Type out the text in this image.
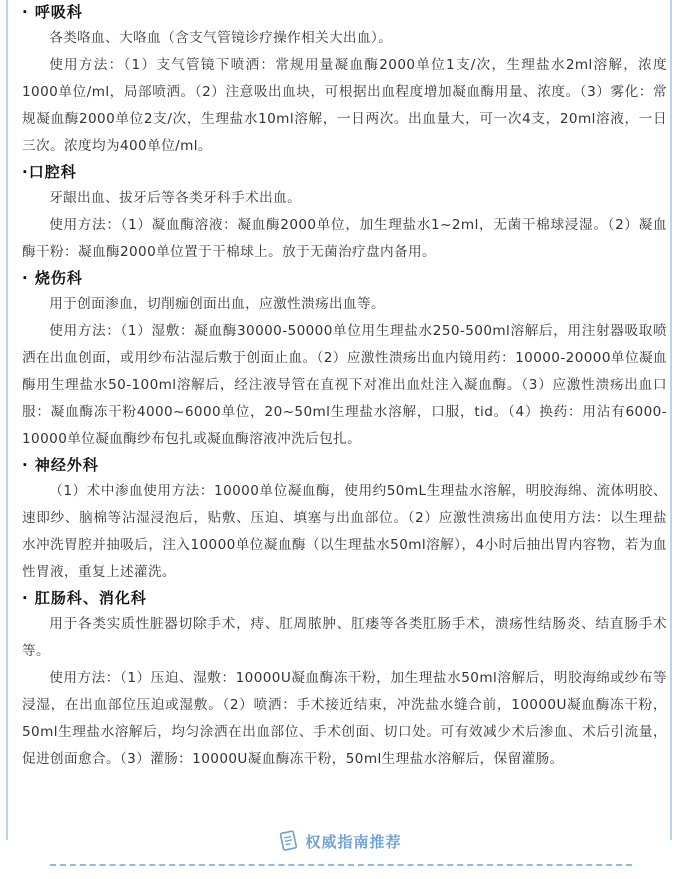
· 呼吸科

各类咯血、大咯血（含支气管镜诊疗操作相关大出血）。

使用方法：（1）支气管镜下喷洒：常规用量凝血酶2000单位1支/次，生理盐水2ml溶解，浓度1000单位/ml，局部喷洒。（2）注意吸出血块，可根据出血程度增加凝血酶用量、浓度。（3）雾化：常规凝血酶2000单位2支/次，生理盐水10ml溶解，一日两次。出血量大，可一次4支，20ml溶液，一日三次。浓度均为400单位/ml。

·口腔科

牙龈出血、拔牙后等各类牙科手术出血。

使用方法：（1）凝血酶溶液：凝血酶2000单位，加生理盐水1~2ml，无菌干棉球浸湿。（2）凝血酶干粉：凝血酶2000单位置于干棉球上。放于无菌治疗盘内备用。

· 烧伤科

用于创面渗血，切削痂创面出血，应激性溃疡出血等。

使用方法：（1）湿敷：凝血酶30000-50000单位用生理盐水250-500ml溶解后，用注射器吸取喷洒在出血创面，或用纱布沾湿后敷于创面止血。（2）应激性溃疡出血内镜用药：10000-20000单位凝血酶用生理盐水50-100ml溶解后，经注液导管在直视下对准出血灶注入凝血酶。（3）应激性溃疡出血口服：凝血酶冻干粉4000~6000单位，20~50ml生理盐水溶解，口服，tid。（4）换药：用沾有6000-10000单位凝血酶纱布包扎或凝血酶溶液冲洗后包扎。

· 神经外科

（1）术中渗血使用方法：10000单位凝血酶，使用约50mL生理盐水溶解，明胶海绵、流体明胶、速即纱、脑棉等沾湿浸泡后，贴敷、压迫、填塞与出血部位。（2）应激性溃疡出血使用方法：以生理盐水冲洗胃腔并抽吸后，注入10000单位凝血酶（以生理盐水50ml溶解），4小时后抽出胃内容物，若为血性胃液，重复上述灌洗。

· 肛肠科、消化科

用于各类实质性脏器切除手术，痔、肛周脓肿、肛瘘等各类肛肠手术，溃疡性结肠炎、结直肠手术等。

使用方法：（1）压迫、湿敷：10000U凝血酶冻干粉，加生理盐水50ml溶解后，明胶海绵或纱布等浸湿，在出血部位压迫或湿敷。（2）喷洒：手术接近结束，冲洗盐水缝合前，10000U凝血酶冻干粉，50ml生理盐水溶解后，均匀涂洒在出血部位、手术创面、切口处。可有效减少术后渗血、术后引流量，促进创面愈合。（3）灌肠：10000U凝血酶冻干粉，50ml生理盐水溶解后，保留灌肠。

权威指南推荐
